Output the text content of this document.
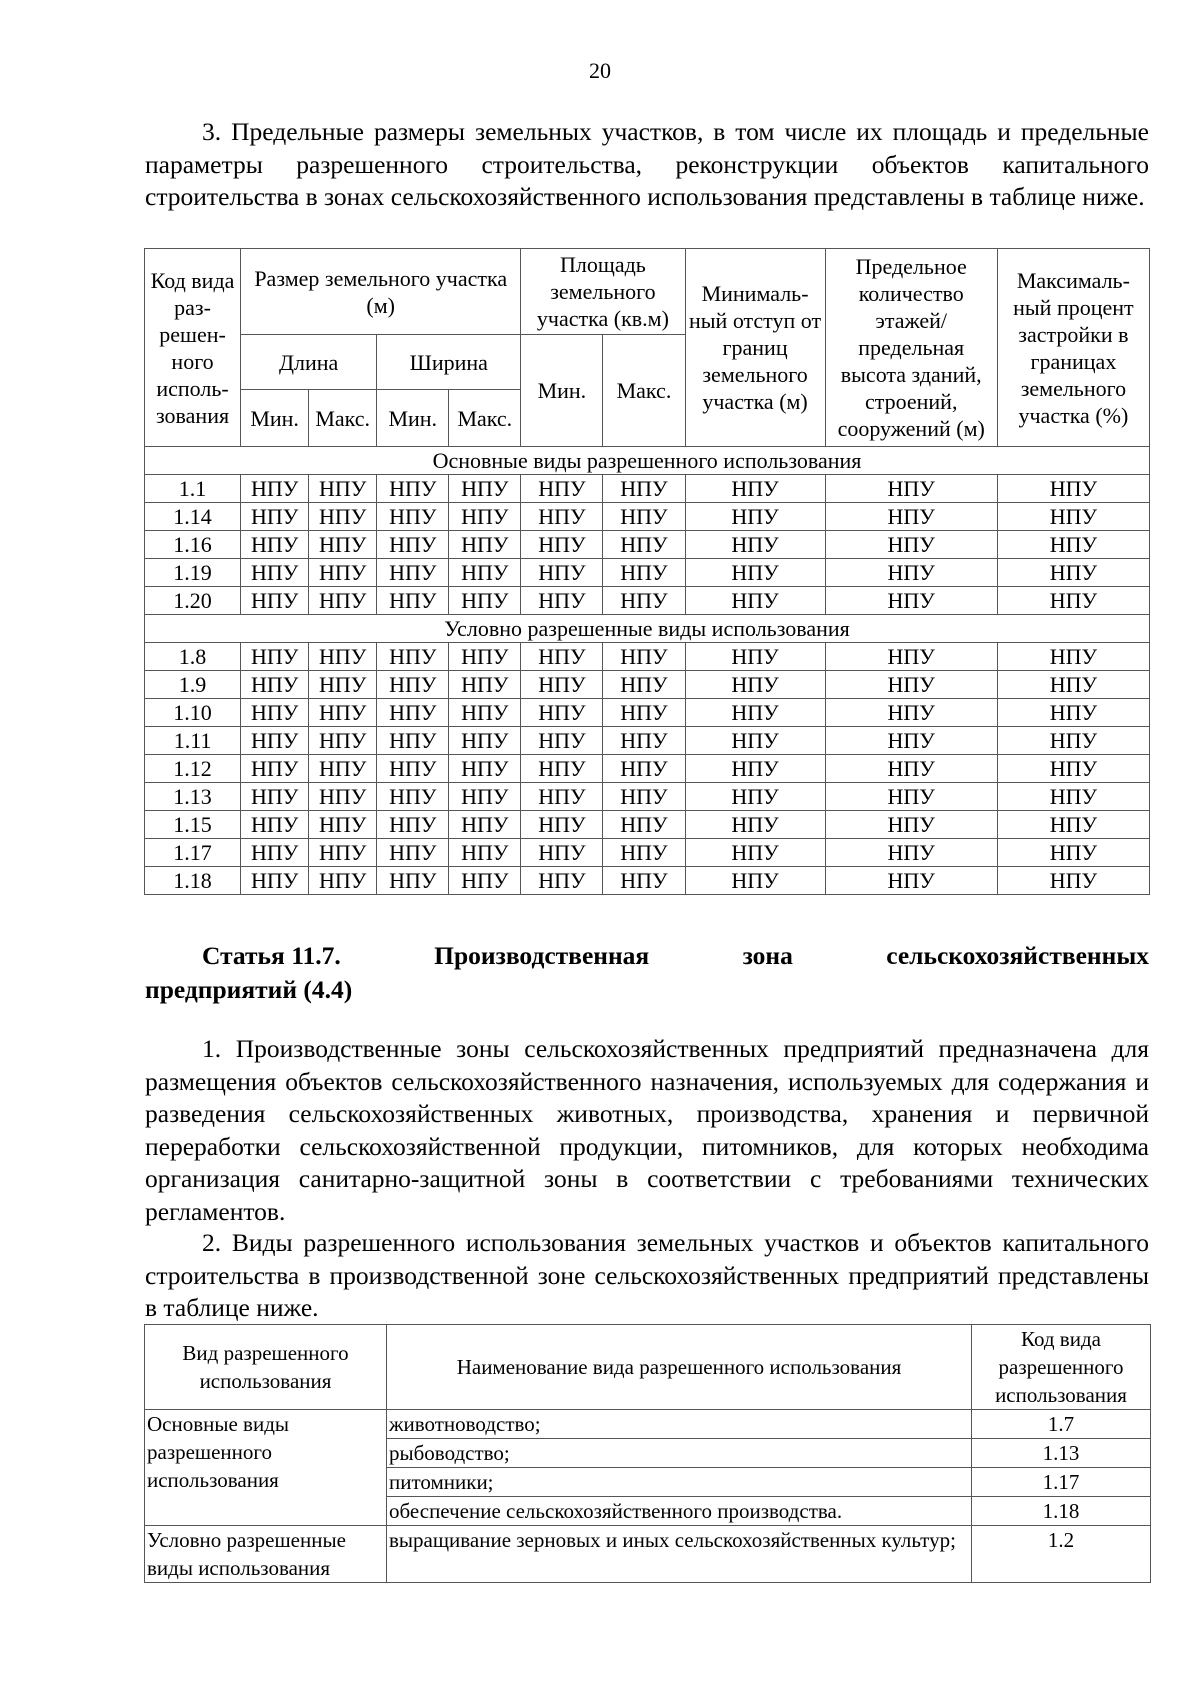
20
3. Предельные размеры земельных участков, в том числе их площадь и предельные параметры разрешенного строительства, реконструкции объектов капитального строительства в зонах сельскохозяйственного использования представлены в таблице ниже.
Код вида раз-решен-ного исполь-зования	Размер земельного участка (м)				Площадь земельного участка (кв.м)		Минималь-ный отступ от границ земельного участка (м)	Предельное количество этажей/ предельная высота зданий, строений, сооружений (м)	Максималь-ный процент застройки в границах земельного участка (%)
	Длина		Ширина		Мин.	Макс.			
	Мин.	Макс.	Мин.	Макс.					
Основные виды разрешенного использования									
1.1	НПУ	НПУ	НПУ	НПУ	НПУ	НПУ	НПУ	НПУ	НПУ
1.14	НПУ	НПУ	НПУ	НПУ	НПУ	НПУ	НПУ	НПУ	НПУ
1.16	НПУ	НПУ	НПУ	НПУ	НПУ	НПУ	НПУ	НПУ	НПУ
1.19	НПУ	НПУ	НПУ	НПУ	НПУ	НПУ	НПУ	НПУ	НПУ
1.20	НПУ	НПУ	НПУ	НПУ	НПУ	НПУ	НПУ	НПУ	НПУ
Условно разрешенные виды использования									
1.8	НПУ	НПУ	НПУ	НПУ	НПУ	НПУ	НПУ	НПУ	НПУ
1.9	НПУ	НПУ	НПУ	НПУ	НПУ	НПУ	НПУ	НПУ	НПУ
1.10	НПУ	НПУ	НПУ	НПУ	НПУ	НПУ	НПУ	НПУ	НПУ
1.11	НПУ	НПУ	НПУ	НПУ	НПУ	НПУ	НПУ	НПУ	НПУ
1.12	НПУ	НПУ	НПУ	НПУ	НПУ	НПУ	НПУ	НПУ	НПУ
1.13	НПУ	НПУ	НПУ	НПУ	НПУ	НПУ	НПУ	НПУ	НПУ
1.15	НПУ	НПУ	НПУ	НПУ	НПУ	НПУ	НПУ	НПУ	НПУ
1.17	НПУ	НПУ	НПУ	НПУ	НПУ	НПУ	НПУ	НПУ	НПУ
1.18	НПУ	НПУ	НПУ	НПУ	НПУ	НПУ	НПУ	НПУ	НПУ
Статья 11.7.	Производственная	зона	сельскохозяйственных
предприятий (4.4)
1. Производственные зоны сельскохозяйственных предприятий предназначена для размещения объектов сельскохозяйственного назначения, используемых для содержания и разведения сельскохозяйственных животных, производства, хранения и первичной переработки сельскохозяйственной продукции, питомников, для которых необходима организация санитарно-защитной зоны в соответствии с требованиями технических регламентов.
2. Виды разрешенного использования земельных участков и объектов капитального строительства в производственной зоне сельскохозяйственных предприятий представлены в таблице ниже.
Вид разрешенного использования	Наименование вида разрешенного использования	Код вида разрешенного использования
Основные виды разрешенного использования	животноводство;	1.7
	рыбоводство;	1.13
	питомники;	1.17
	обеспечение сельскохозяйственного производства.	1.18
Условно разрешенные виды использования	выращивание зерновых и иных сельскохозяйственных культур;	1.2
